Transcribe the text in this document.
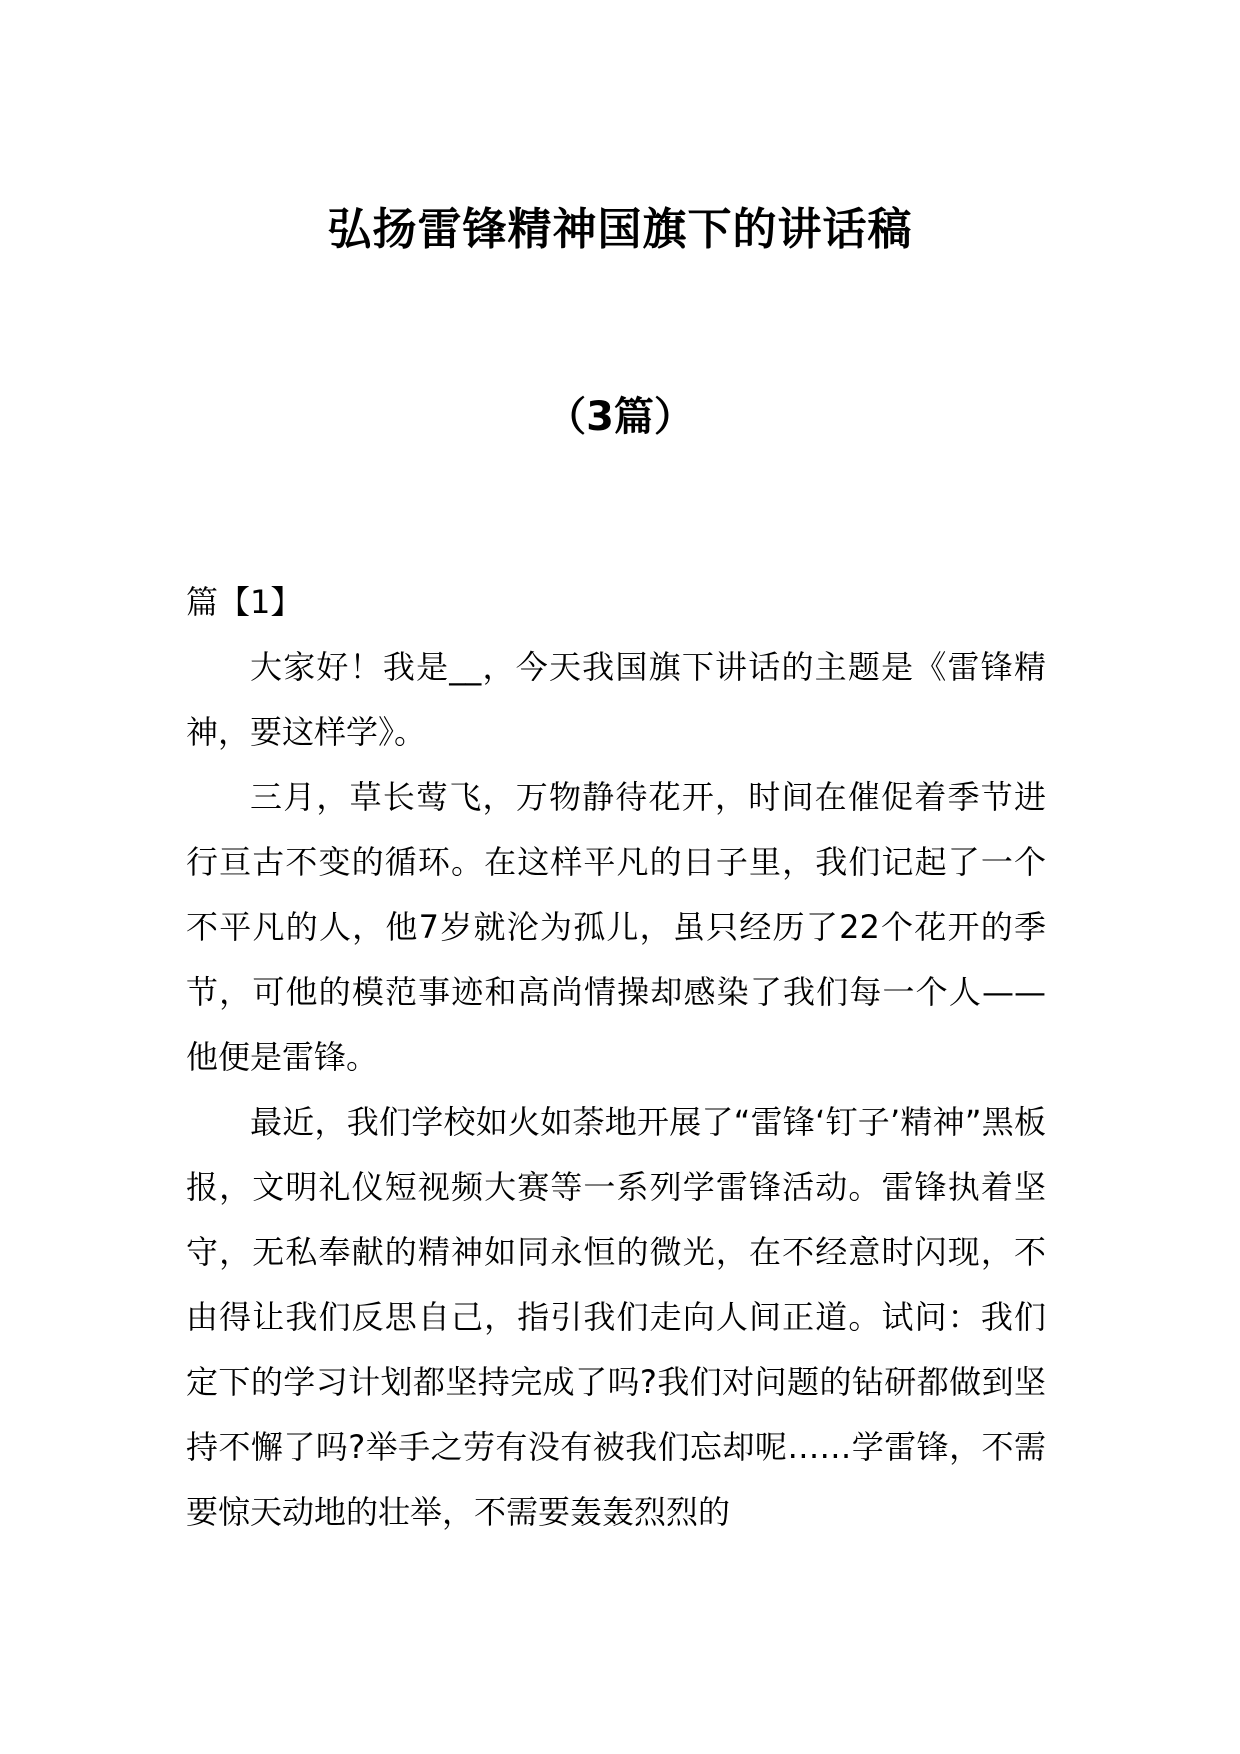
弘扬雷锋精神国旗下的讲话稿
（3篇）
篇【1】

大家好！我是__，今天我国旗下讲话的主题是《雷锋精神，要这样学》。

三月，草长莺飞，万物静待花开，时间在催促着季节进行亘古不变的循环。在这样平凡的日子里，我们记起了一个不平凡的人，他7岁就沦为孤儿，虽只经历了22个花开的季节，可他的模范事迹和高尚情操却感染了我们每一个人——他便是雷锋。

最近，我们学校如火如荼地开展了“雷锋‘钉子’精神”黑板报，文明礼仪短视频大赛等一系列学雷锋活动。雷锋执着坚守，无私奉献的精神如同永恒的微光，在不经意时闪现，不由得让我们反思自己，指引我们走向人间正道。试问：我们定下的学习计划都坚持完成了吗?我们对问题的钻研都做到坚持不懈了吗?举手之劳有没有被我们忘却呢……学雷锋，不需要惊天动地的壮举，不需要轰轰烈烈的
